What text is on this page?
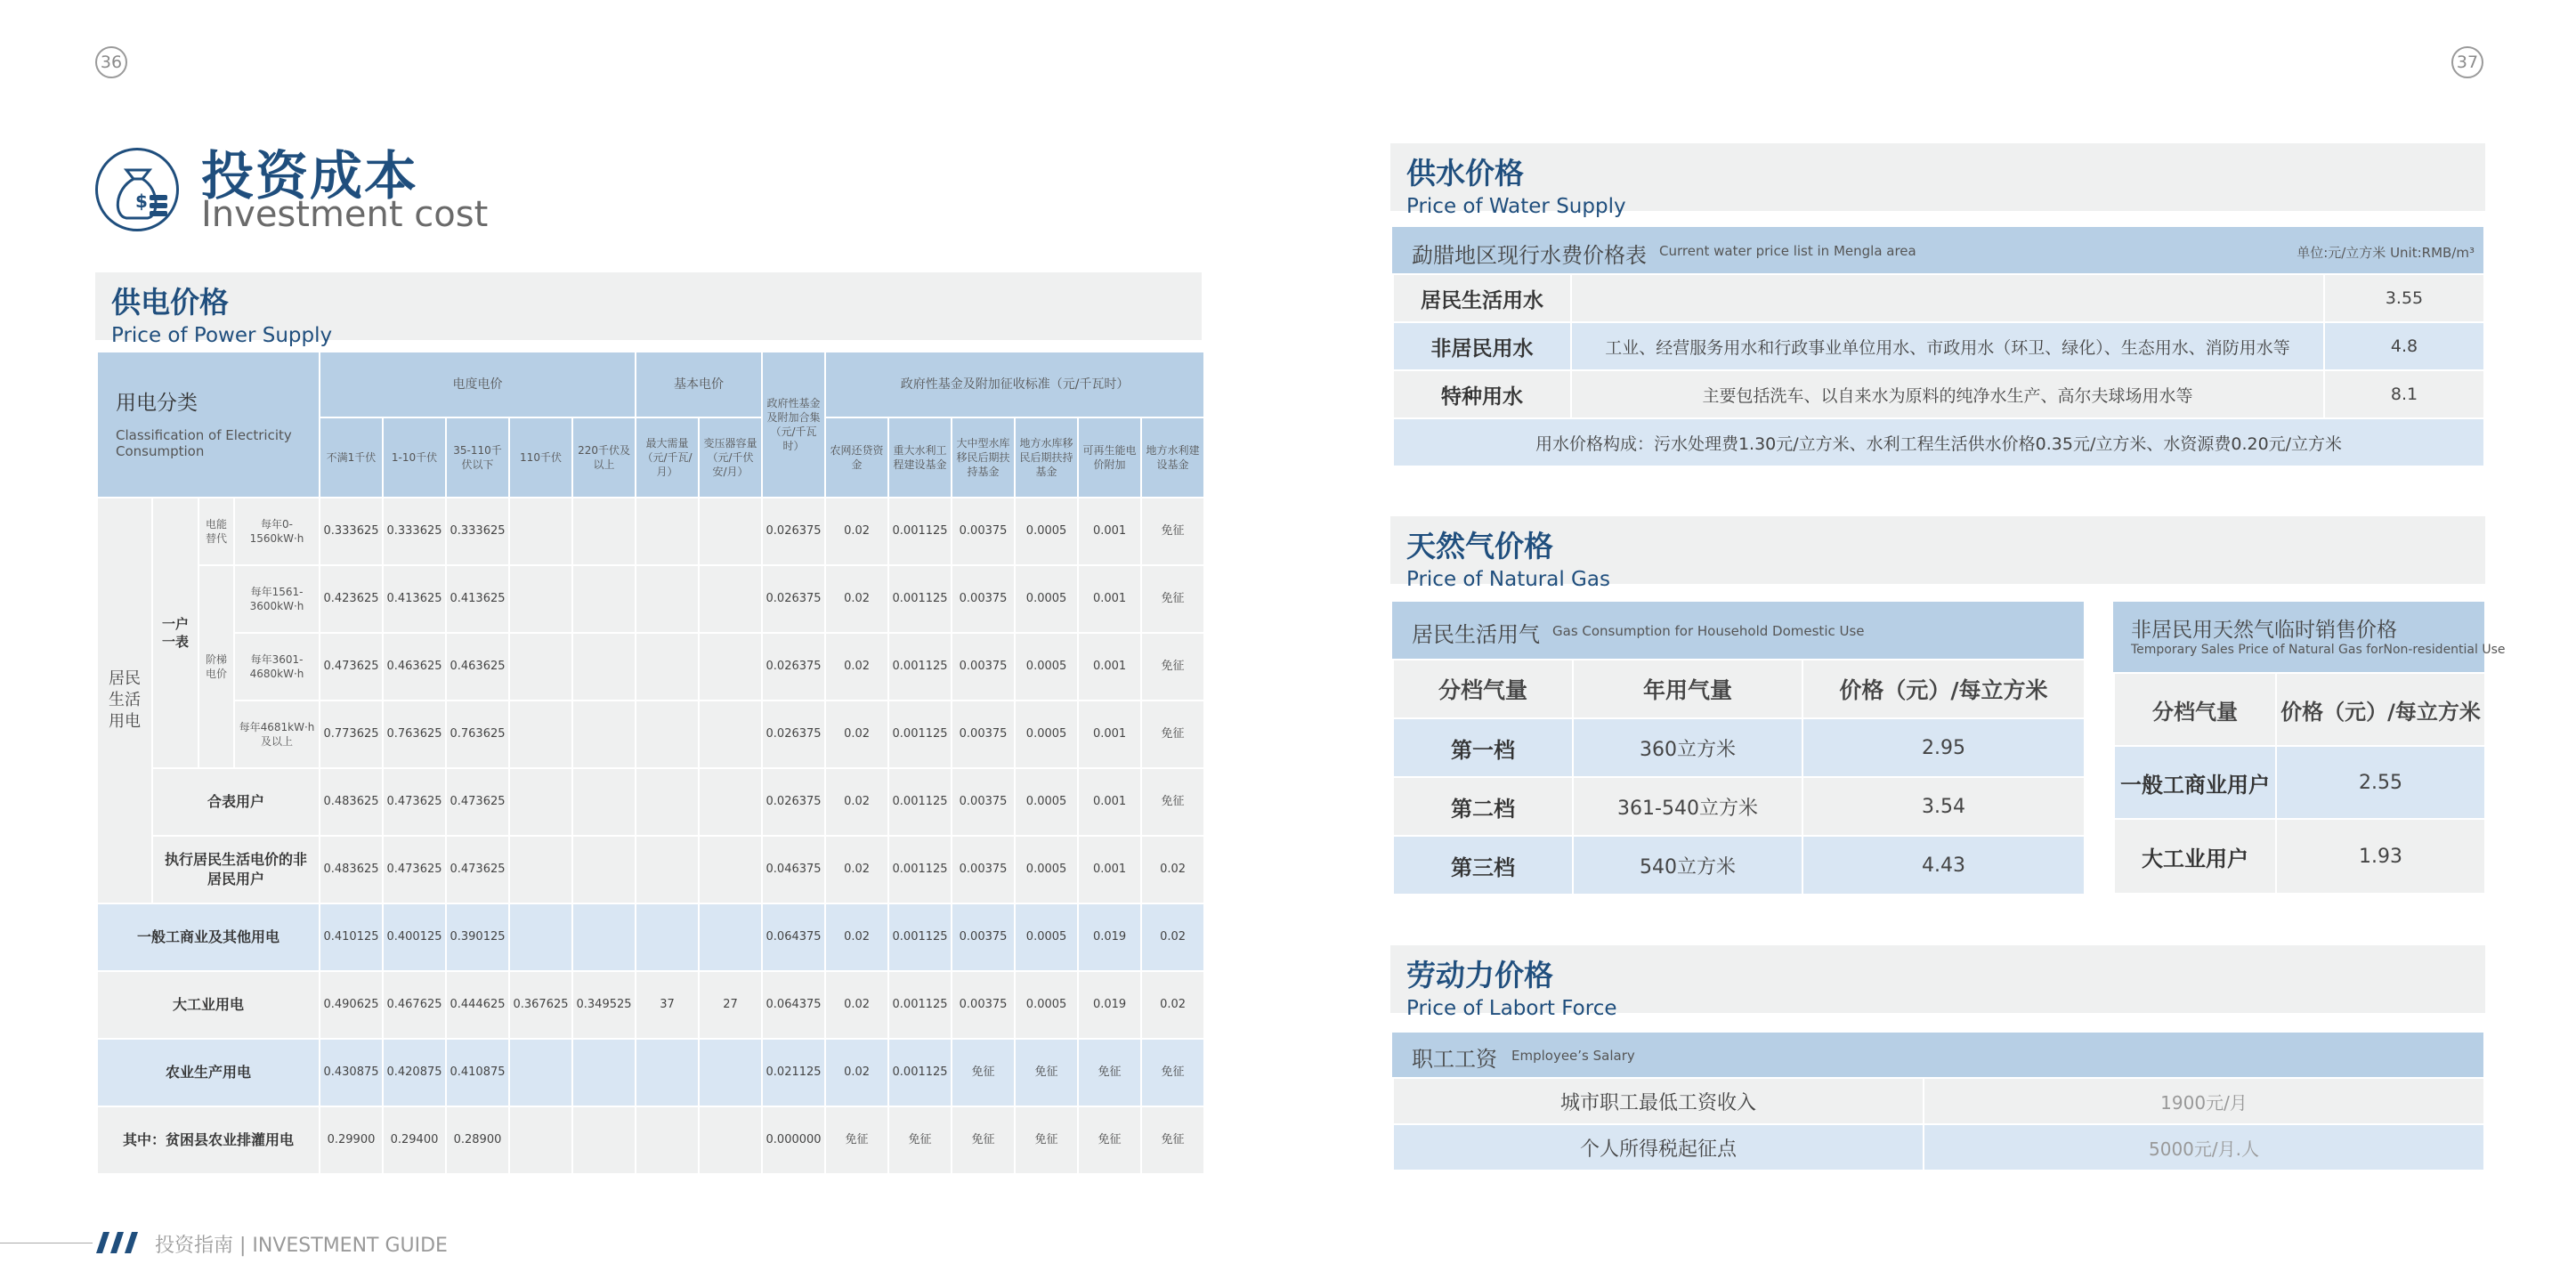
36	37
$ 投资成本
Investment cost
供电价格
Price of Power Supply
用电分类
Classification of Electricity Consumption				电度电价					基本电价		政府性基金及附加合集（元/千瓦时）	政府性基金及附加征收标准（元/千瓦时）					
				不满1千伏	1-10千伏	35-110千伏以下	110千伏	220千伏及以上	最大需量（元/千瓦/月）	变压器容量（元/千伏安/月）		农网还贷资金	重大水利工程建设基金	大中型水库移民后期扶持基金	地方水库移民后期扶持基金	可再生能电价附加	地方水利建设基金
居民生活用电	一户一表	电能替代	每年0-1560kW·h	0.333625	0.333625	0.333625					0.026375	0.02	0.001125	0.00375	0.0005	0.001	免征
		阶梯电价	每年1561-3600kW·h	0.423625	0.413625	0.413625					0.026375	0.02	0.001125	0.00375	0.0005	0.001	免征
			每年3601-4680kW·h	0.473625	0.463625	0.463625					0.026375	0.02	0.001125	0.00375	0.0005	0.001	免征
			每年4681kW·h及以上	0.773625	0.763625	0.763625					0.026375	0.02	0.001125	0.00375	0.0005	0.001	免征
	合表用户			0.483625	0.473625	0.473625					0.026375	0.02	0.001125	0.00375	0.0005	0.001	免征
	执行居民生活电价的非居民用户			0.483625	0.473625	0.473625					0.046375	0.02	0.001125	0.00375	0.0005	0.001	0.02
一般工商业及其他用电				0.410125	0.400125	0.390125					0.064375	0.02	0.001125	0.00375	0.0005	0.019	0.02
大工业用电				0.490625	0.467625	0.444625	0.367625	0.349525	37	27	0.064375	0.02	0.001125	0.00375	0.0005	0.019	0.02
农业生产用电				0.430875	0.420875	0.410875					0.021125	0.02	0.001125	免征	免征	免征	免征
其中：贫困县农业排灌用电				0.29900	0.29400	0.28900					0.000000	免征	免征	免征	免征	免征	免征
供水价格
Price of Water Supply
勐腊地区现行水费价格表 Current water price list in Mengla area	单位:元/立方米 Unit:RMB/m³
居民生活用水		3.55
非居民用水	工业、经营服务用水和行政事业单位用水、市政用水（环卫、绿化）、生态用水、消防用水等	4.8
特种用水	主要包括洗车、以自来水为原料的纯净水生产、高尔夫球场用水等	8.1
用水价格构成：污水处理费1.30元/立方米、水利工程生活供水价格0.35元/立方米、水资源费0.20元/立方米		
天然气价格
Price of Natural Gas
居民生活用气 Gas Consumption for Household Domestic Use
分档气量	年用气量	价格（元）/每立方米
第一档	360立方米	2.95
第二档	361-540立方米	3.54
第三档	540立方米	4.43
非居民用天然气临时销售价格
Temporary Sales Price of Natural Gas forNon-residential Use
分档气量	价格（元）/每立方米
一般工商业用户	2.55
大工业用户	1.93
劳动力价格
Price of Labort Force
职工工资 Employee’s Salary
城市职工最低工资收入	1900元/月
个人所得税起征点	5000元/月.人
投资指南 | INVESTMENT GUIDE
